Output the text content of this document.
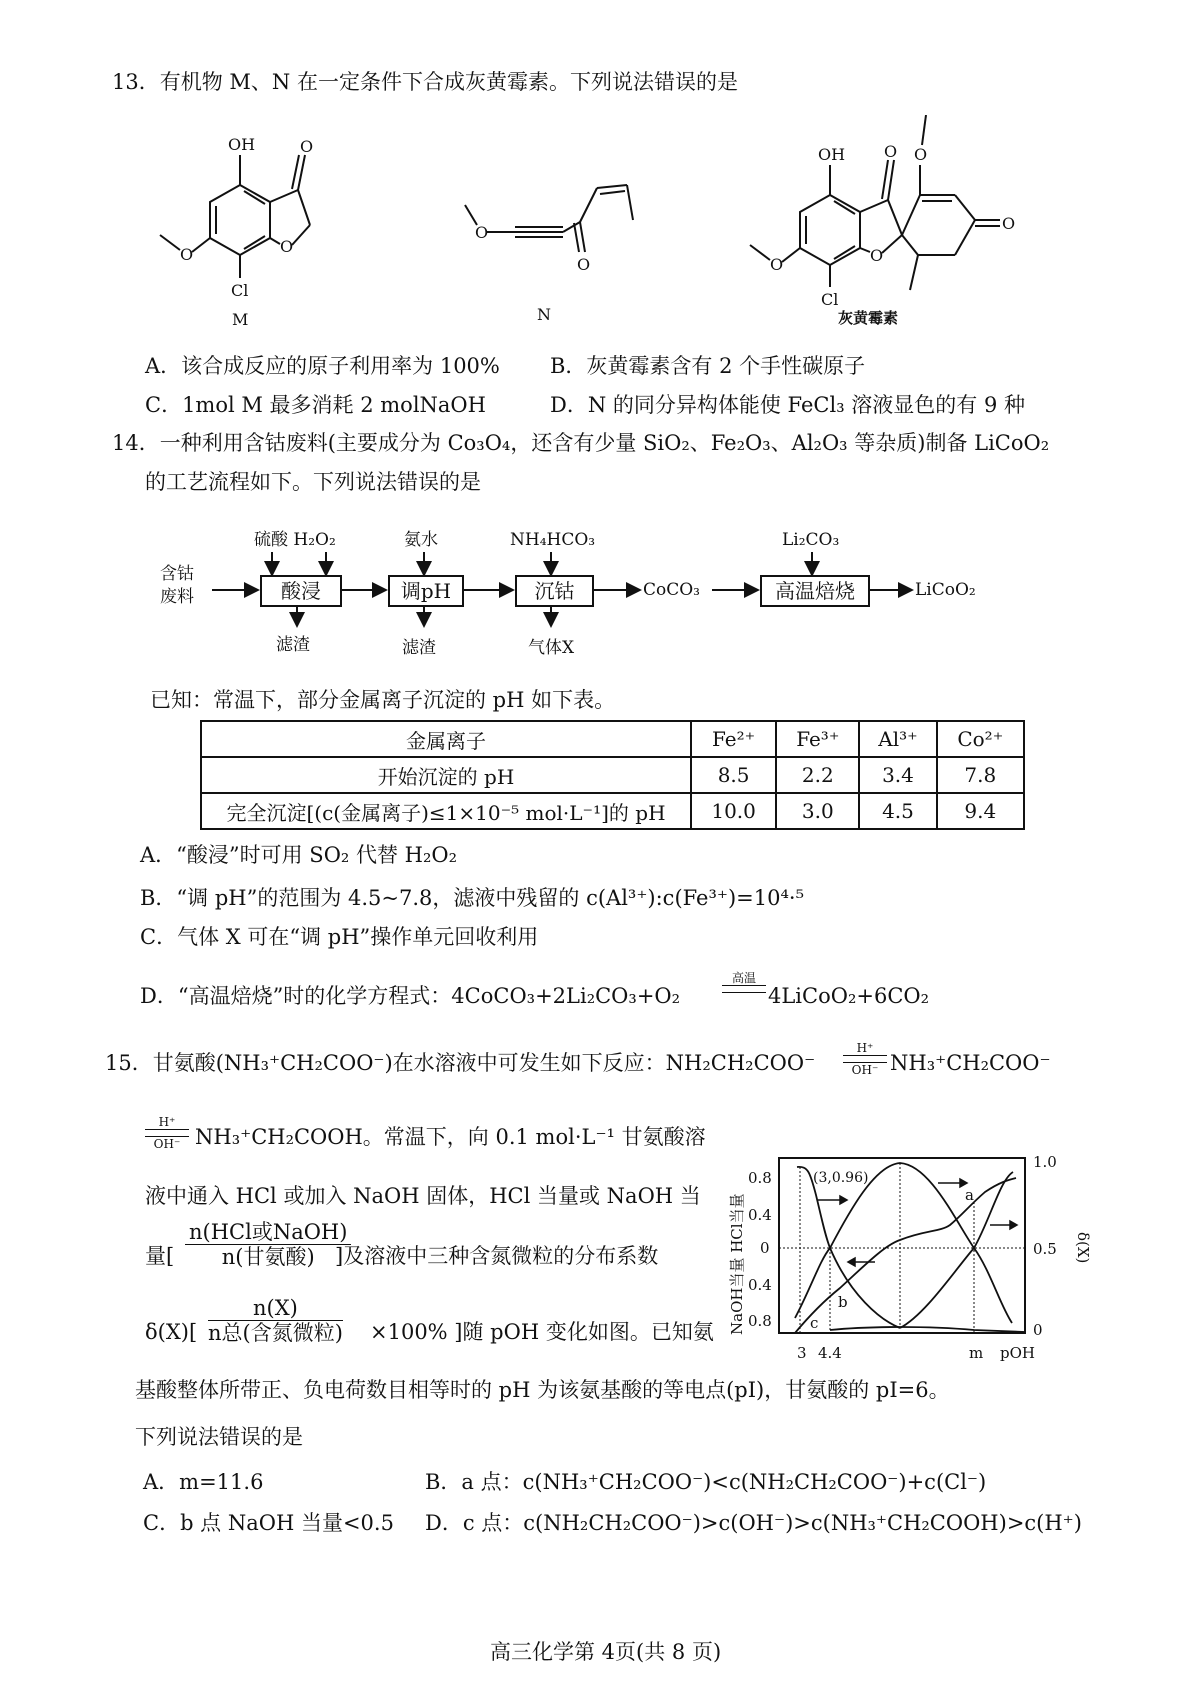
13．有机物 M、N 在一定条件下合成灰黄霉素。下列说法错误的是
OH	O
O
O
Cl
M
O
O
N
OH O O
O
O
O
Cl
灰黄霉素
A．该合成反应的原子利用率为 100% B．灰黄霉素含有 2 个手性碳原子
C．1mol M 最多消耗 2 molNaOH	D．N 的同分异构体能使 FeCl₃ 溶液显色的有 9 种
14．一种利用含钴废料(主要成分为 Co₃O₄，还含有少量 SiO₂、Fe₂O₃、Al₂O₃ 等杂质)制备 LiCoO₂
的工艺流程如下。下列说法错误的是
含钴
废料
硫酸 H₂O₂	氨水	NH₄HCO₃	Li₂CO₃
酸浸	调pH	沉钴	高温焙烧
CoCO₃	LiCoO₂
滤渣	滤渣	气体X
已知：常温下，部分金属离子沉淀的 pH 如下表。
金属离子	Fe²⁺	Fe³⁺	Al³⁺	Co²⁺
开始沉淀的 pH	8.5	2.2	3.4	7.8
完全沉淀[(c(金属离子)≤1×10⁻⁵ mol·L⁻¹]的 pH	10.0	3.0	4.5	9.4
A．“酸浸”时可用 SO₂ 代替 H₂O₂
B．“调 pH”的范围为 4.5~7.8，滤液中残留的 c(Al³⁺):c(Fe³⁺)=10⁴·⁵
C．气体 X 可在“调 pH”操作单元回收利用
D．“高温焙烧”时的化学方程式：4CoCO₃+2Li₂CO₃+O₂
高温
4LiCoO₂+6CO₂
15．甘氨酸(NH₃⁺CH₂COO⁻)在水溶液中可发生如下反应：NH₂CH₂COO⁻
H⁺
OH⁻ NH₃⁺CH₂COO⁻
H⁺
OH⁻ NH₃⁺CH₂COOH。常温下，向 0.1 mol·L⁻¹ 甘氨酸溶
液中通入 HCl 或加入 NaOH 固体，HCl 当量或 NaOH 当
量[
n(HCl或NaOH)
n(甘氨酸) ]及溶液中三种含氮微粒的分布系数
δ(X)[
n(X)
n总(含氮微粒) ×100% ]随 pOH 变化如图。已知氨
基酸整体所带正、负电荷数目相等时的 pH 为该氨基酸的等电点(pI)，甘氨酸的 pI=6。
下列说法错误的是
0.8
0.4
0
0.4
0.8
NaOH当量 HCl当量
1.0
0.5
0
δ(X)
3 4.4	m pOH
(3,0.96)
a
b
c
A．m=11.6	B．a 点：c(NH₃⁺CH₂COO⁻)<c(NH₂CH₂COO⁻)+c(Cl⁻)
C．b 点 NaOH 当量<0.5 D．c 点：c(NH₂CH₂COO⁻)>c(OH⁻)>c(NH₃⁺CH₂COOH)>c(H⁺)
高三化学第 4页(共 8 页)
